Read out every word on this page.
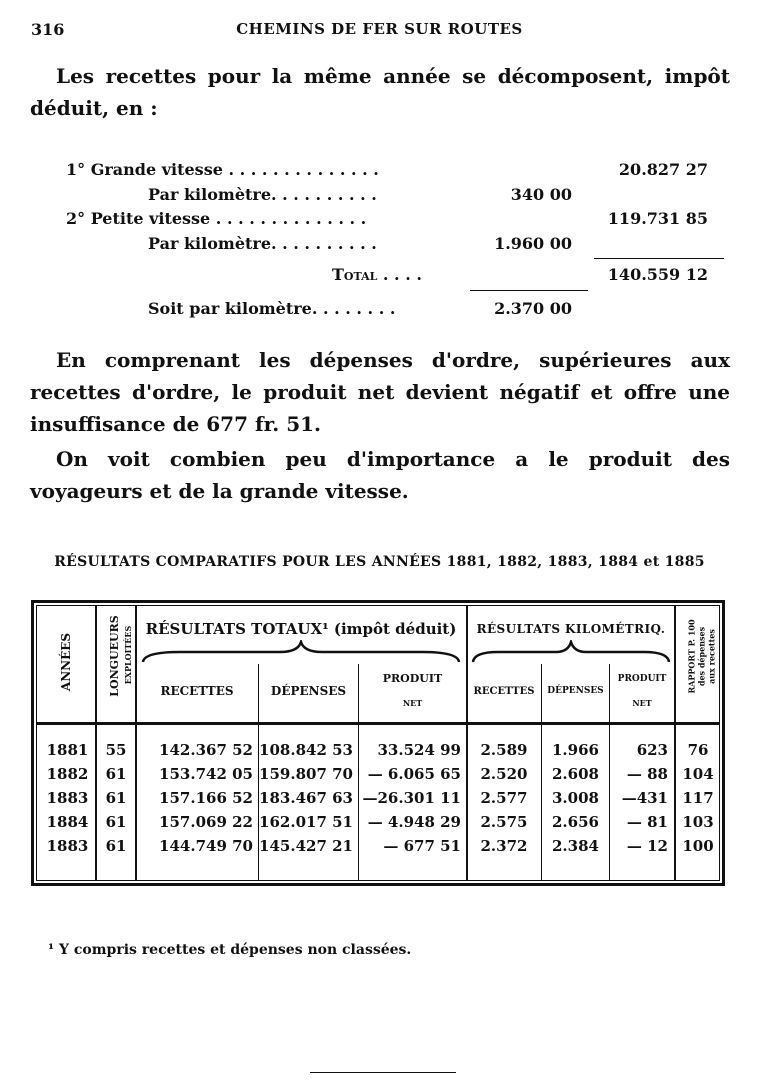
316	CHEMINS DE FER SUR ROUTES
Les recettes pour la même année se décomposent, impôt déduit, en :
1° Grande vitesse . . . . . . . . . . . . . .	20.827 27
Par kilomètre. . . . . . . . . .	340 00
2° Petite vitesse . . . . . . . . . . . . . .	119.731 85
Par kilomètre. . . . . . . . . .	1.960 00
Total . . . .	140.559 12
Soit par kilomètre. . . . . . . .	2.370 00
En comprenant les dépenses d'ordre, supérieures aux recettes d'ordre, le produit net devient négatif et offre une insuffisance de 677 fr. 51.
On voit combien peu d'importance a le produit des voyageurs et de la grande vitesse.
RÉSULTATS COMPARATIFS POUR LES ANNÉES 1881, 1882, 1883, 1884 et 1885
RÉSULTATS TOTAUX¹ (impôt déduit)	RÉSULTATS KILOMÉTRIQ.
ANNÉES	LONGUEURS EXPLOITÉES	RAPPORT P. 100 des dépenses aux recettes
RECETTES	DÉPENSES
PRODUIT
NET
RECETTES	DÉPENSES
PRODUIT
NET
1881	55	142.367 52 108.842 53	33.524 99	2.589	1.966	623	76
1882	61	153.742 05 159.807 70 — 6.065 65	2.520	2.608	— 88 104
1883	61	157.166 52 183.467 63 —26.301 11	2.577	3.008	—431 117
1884	61	157.069 22 162.017 51 — 4.948 29	2.575	2.656	— 81 103
1883	61	144.749 70 145.427 21	— 677 51	2.372	2.384	— 12 100
¹ Y compris recettes et dépenses non classées.
